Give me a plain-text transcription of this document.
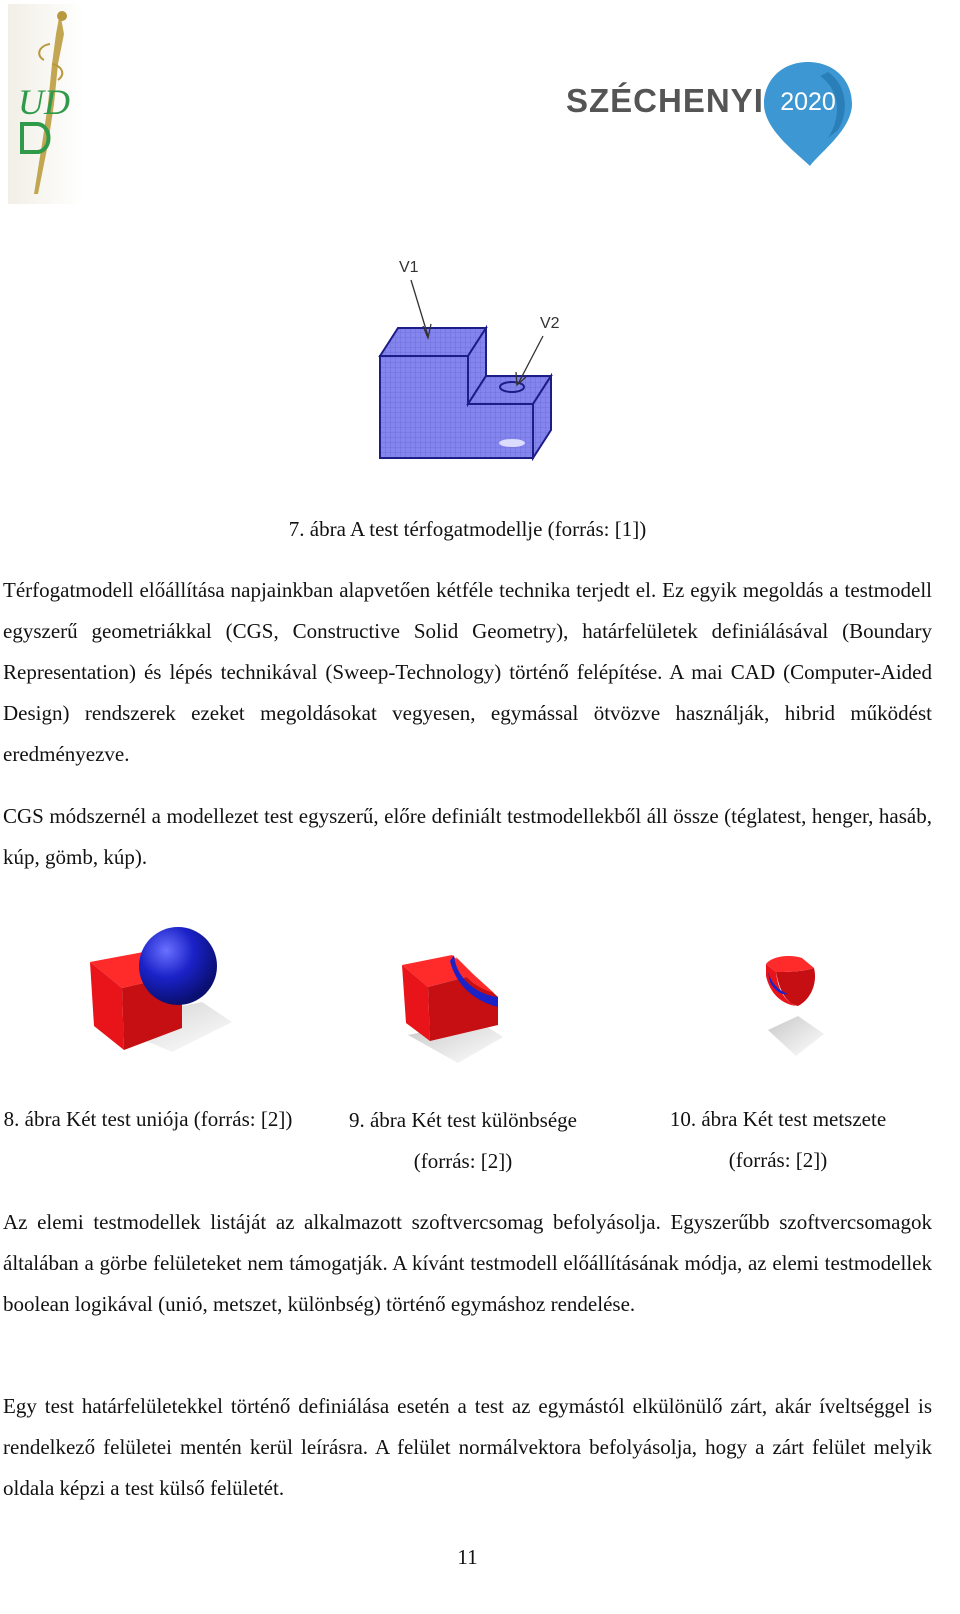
UD	SZÉCHENYI 2020
V1
V2

7. ábra A test térfogatmodellje (forrás: [1])

Térfogatmodell előállítása napjainkban alapvetően kétféle technika terjedt el. Ez egyik megoldás a testmodell egyszerű geometriákkal (CGS, Constructive Solid Geometry), határfelületek definiálásával (Boundary Representation) és lépés technikával (Sweep-Technology) történő felépítése. A mai CAD (Computer-Aided Design) rendszerek ezeket megoldásokat vegyesen, egymással ötvözve használják, hibrid működést eredményezve.

CGS módszernél a modellezet test egyszerű, előre definiált testmodellekből áll össze (téglatest, henger, hasáb, kúp, gömb, kúp).

8. ábra Két test uniója (forrás: [2])	9. ábra Két test különbsége (forrás: [2])

10. ábra Két test metszete (forrás: [2])

Az elemi testmodellek listáját az alkalmazott szoftvercsomag befolyásolja. Egyszerűbb szoftvercsomagok általában a görbe felületeket nem támogatják. A kívánt testmodell előállításának módja, az elemi testmodellek boolean logikával (unió, metszet, különbség) történő egymáshoz rendelése.

Egy test határfelületekkel történő definiálása esetén a test az egymástól elkülönülő zárt, akár íveltséggel is rendelkező felületei mentén kerül leírásra. A felület normálvektora befolyásolja, hogy a zárt felület melyik oldala képzi a test külső felületét.

11
